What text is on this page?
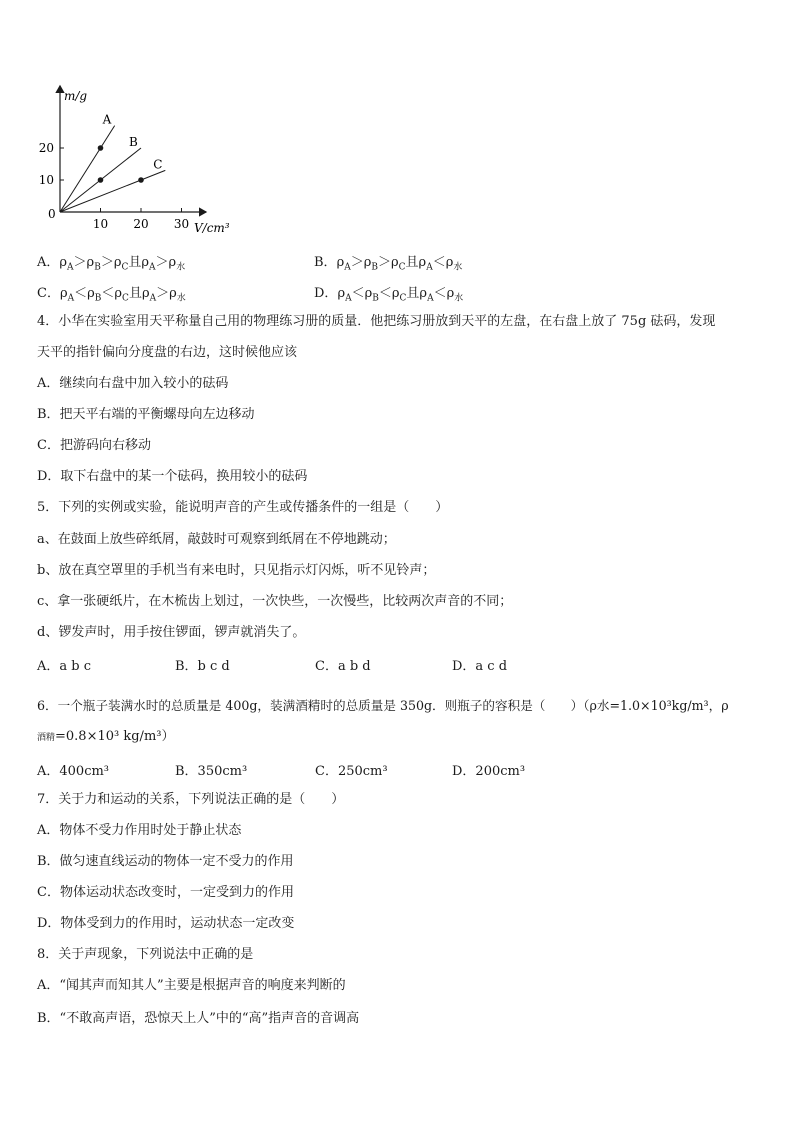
m/g
V/cm³
0
10 20 30
20
10
A
B
C
A．$\rho_A>\rho_B>\rho_C$且$\rho_A>\rho_水$	B．$\rho_A>\rho_B>\rho_C$且$\rho_A<\rho_水$
C．$\rho_A<\rho_B<\rho_C$且$\rho_A>\rho_水$	D．$\rho_A<\rho_B<\rho_C$且$\rho_A<\rho_水$
4．小华在实验室用天平称量自己用的物理练习册的质量．他把练习册放到天平的左盘，在右盘上放了 75g 砝码，发现
天平的指针偏向分度盘的右边，这时候他应该
A．继续向右盘中加入较小的砝码
B．把天平右端的平衡螺母向左边移动
C．把游码向右移动
D．取下右盘中的某一个砝码，换用较小的砝码
5．下列的实例或实验，能说明声音的产生或传播条件的一组是（　　）
a、在鼓面上放些碎纸屑，敲鼓时可观察到纸屑在不停地跳动；
b、放在真空罩里的手机当有来电时，只见指示灯闪烁，听不见铃声；
c、拿一张硬纸片，在木梳齿上划过，一次快些，一次慢些，比较两次声音的不同；
d、锣发声时，用手按住锣面，锣声就消失了。
A．a b c	B．b c d	C．a b d	D．a c d
6．一个瓶子装满水时的总质量是 400g，装满酒精时的总质量是 350g．则瓶子的容积是（　　）（ρ水=1.0×10³kg/m³，ρ
酒精=0.8×10³ kg/m³）
A．400cm³	B．350cm³	C．250cm³	D．200cm³
7．关于力和运动的关系，下列说法正确的是（　　）
A．物体不受力作用时处于静止状态
B．做匀速直线运动的物体一定不受力的作用
C．物体运动状态改变时，一定受到力的作用
D．物体受到力的作用时，运动状态一定改变
8．关于声现象，下列说法中正确的是
A．“闻其声而知其人”主要是根据声音的响度来判断的
B．“不敢高声语，恐惊天上人”中的“高”指声音的音调高
